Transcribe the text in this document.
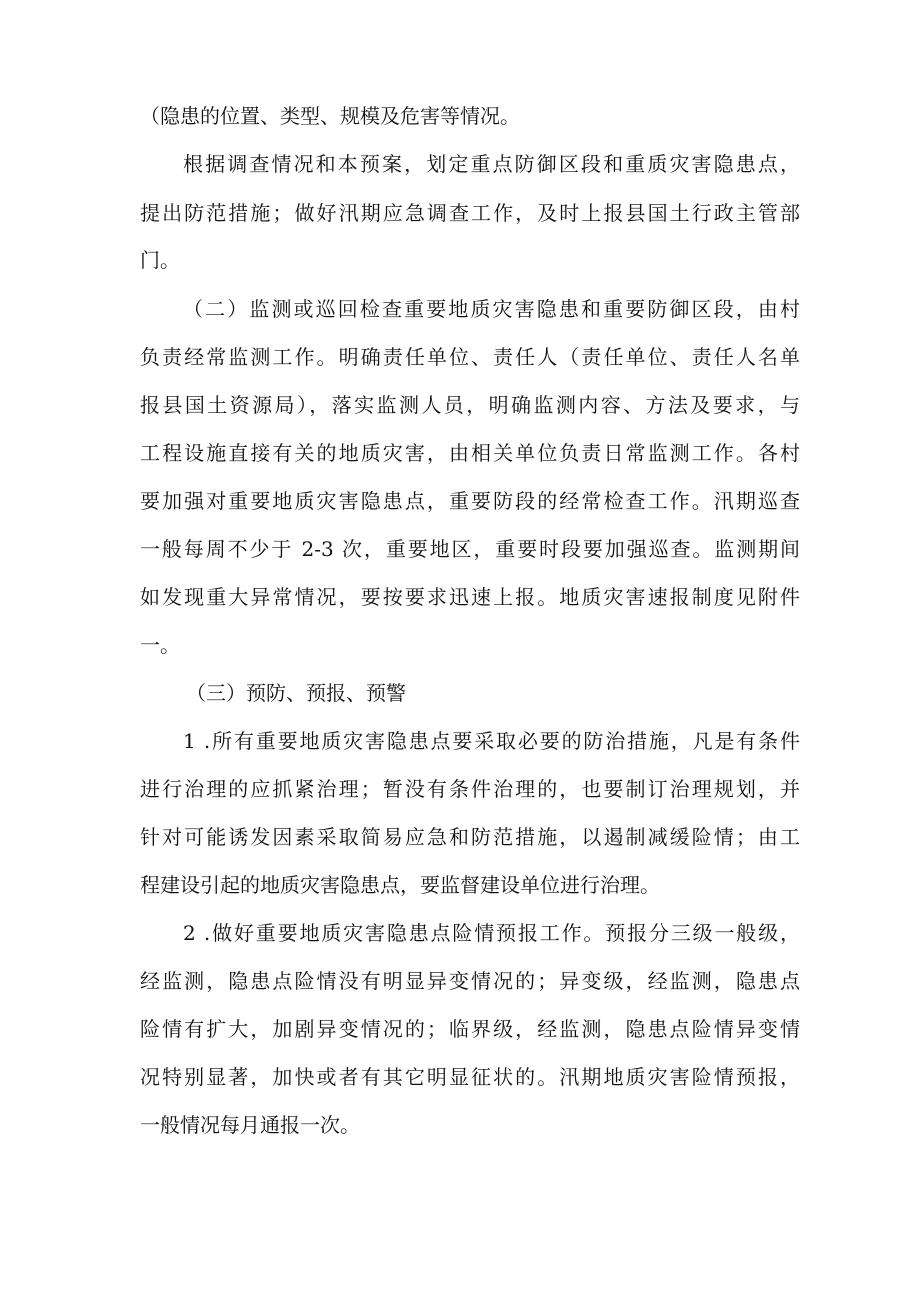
（隐患的位置、类型、规模及危害等情况。
根据调查情况和本预案，划定重点防御区段和重质灾害隐患点，
提出防范措施；做好汛期应急调查工作，及时上报县国土行政主管部
门。
（二）监测或巡回检查重要地质灾害隐患和重要防御区段，由村
负责经常监测工作。明确责任单位、责任人（责任单位、责任人名单
报县国土资源局），落实监测人员，明确监测内容、方法及要求，与
工程设施直接有关的地质灾害，由相关单位负责日常监测工作。各村
要加强对重要地质灾害隐患点，重要防段的经常检查工作。汛期巡查
一般每周不少于 2-3 次，重要地区，重要时段要加强巡查。监测期间
如发现重大异常情况，要按要求迅速上报。地质灾害速报制度见附件
一。
（三）预防、预报、预警
1 .所有重要地质灾害隐患点要采取必要的防治措施，凡是有条件
进行治理的应抓紧治理；暂没有条件治理的，也要制订治理规划，并
针对可能诱发因素采取简易应急和防范措施，以遏制减缓险情；由工
程建设引起的地质灾害隐患点，要监督建设单位进行治理。
2 .做好重要地质灾害隐患点险情预报工作。预报分三级一般级，
经监测，隐患点险情没有明显异变情况的；异变级，经监测，隐患点
险情有扩大，加剧异变情况的；临界级，经监测，隐患点险情异变情
况特别显著，加快或者有其它明显征状的。汛期地质灾害险情预报，
一般情况每月通报一次。
